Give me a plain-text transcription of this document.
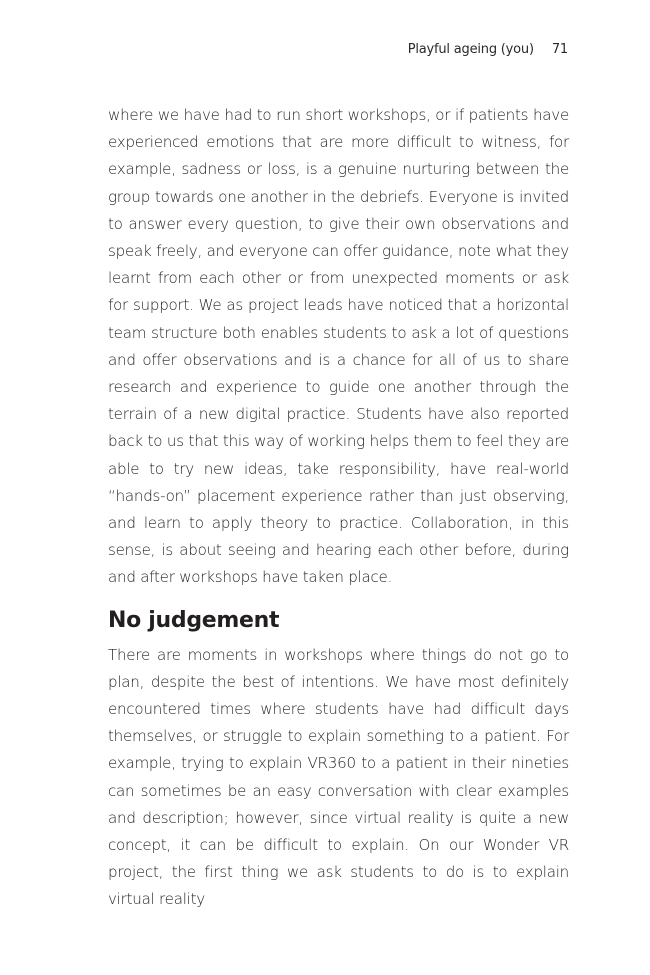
Playful ageing (you) 71

where we have had to run short workshops, or if patients have experienced emotions that are more difficult to witness, for example, sadness or loss, is a genuine nurturing between the group towards one another in the debriefs. Everyone is invited to answer every question, to give their own observations and speak freely, and everyone can offer guidance, note what they learnt from each other or from unexpected moments or ask for support. We as project leads have noticed that a horizontal team structure both enables students to ask a lot of questions and offer observations and is a chance for all of us to share research and experience to guide one another through the terrain of a new digital practice. Students have also reported back to us that this way of working helps them to feel they are able to try new ideas, take responsibility, have real-world “hands-on” placement experience rather than just observing, and learn to apply theory to practice. Collaboration, in this sense, is about seeing and hearing each other before, during and after workshops have taken place.

No judgement

There are moments in workshops where things do not go to plan, despite the best of intentions. We have most definitely encountered times where students have had difficult days themselves, or struggle to explain something to a patient. For example, trying to explain VR360 to a patient in their nineties can sometimes be an easy conversation with clear examples and description; however, since virtual reality is quite a new concept, it can be difficult to explain. On our Wonder VR project, the first thing we ask students to do is to explain virtual reality
